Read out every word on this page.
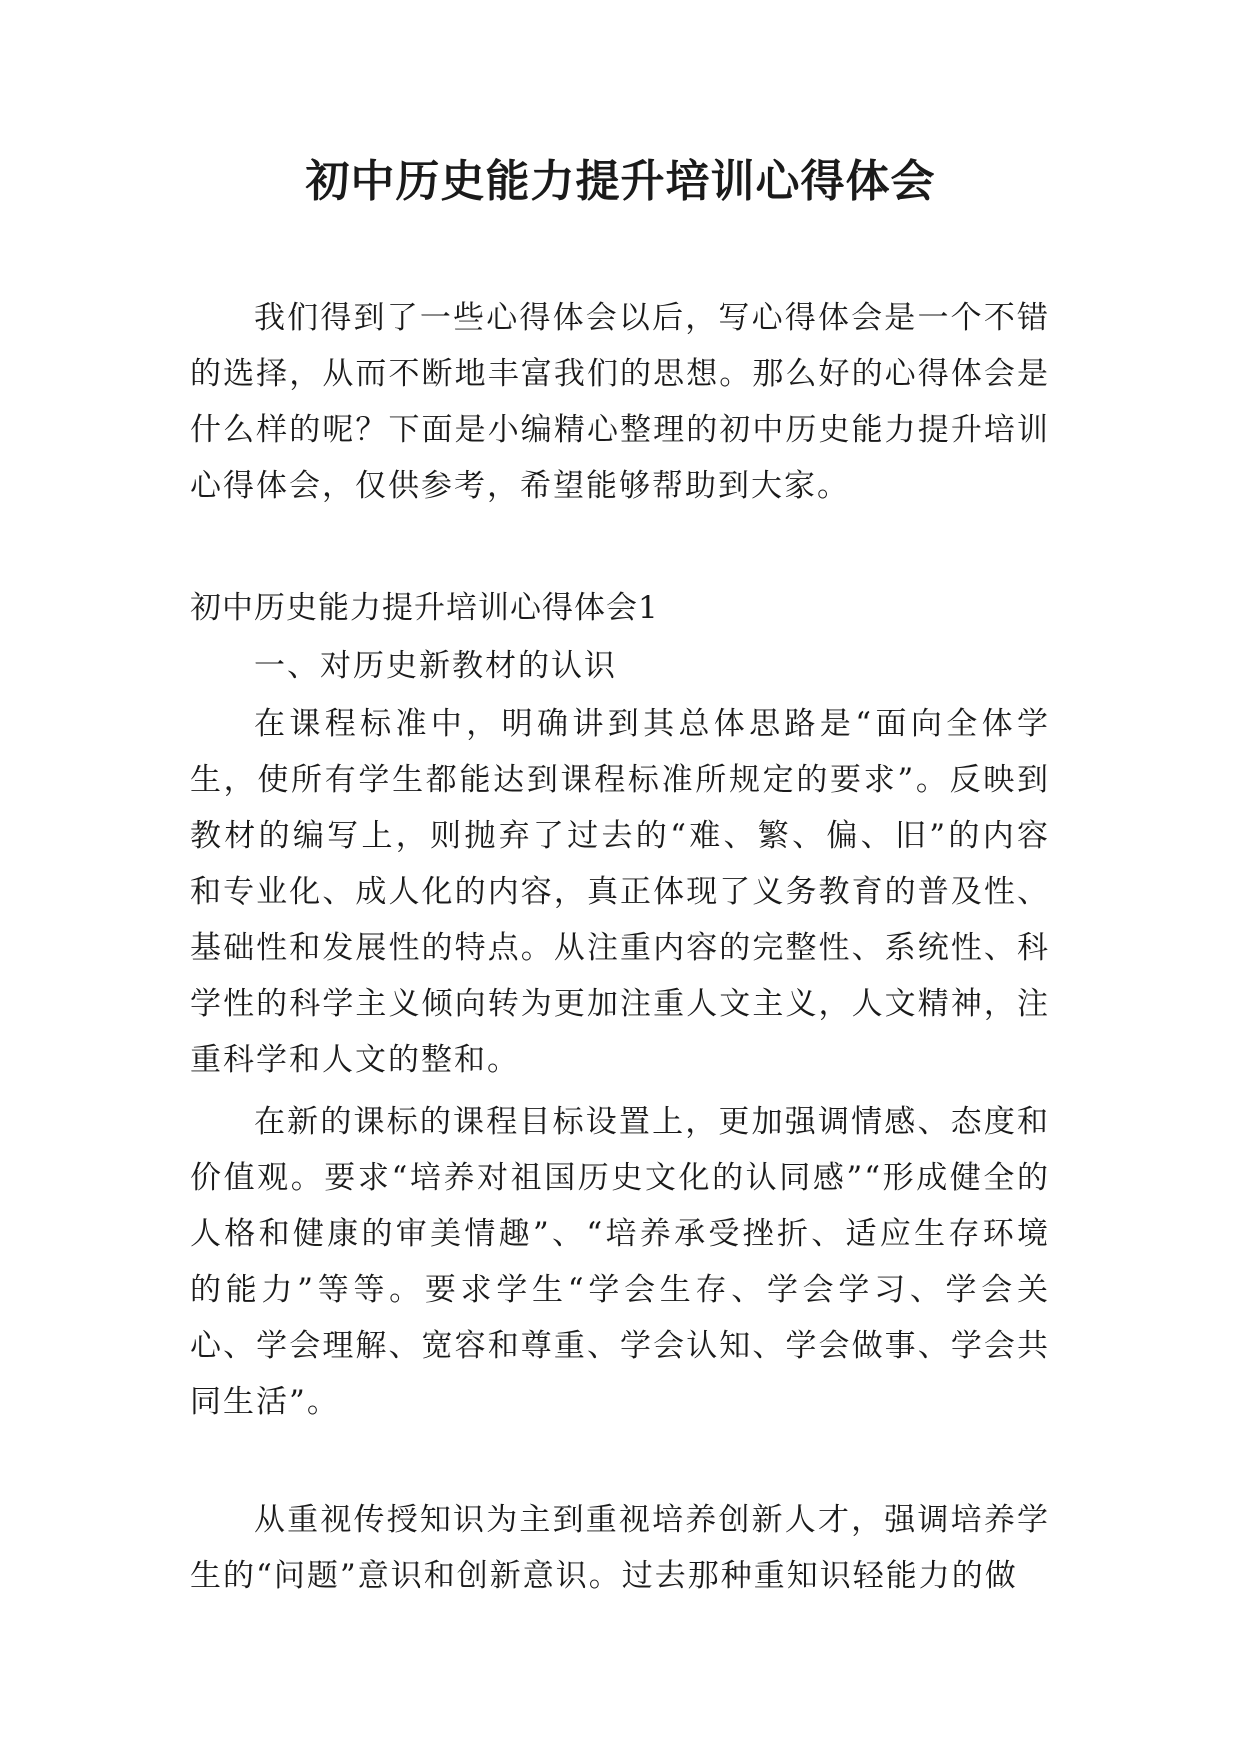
初中历史能力提升培训心得体会

我们得到了一些心得体会以后，写心得体会是一个不错的选择，从而不断地丰富我们的思想。那么好的心得体会是什么样的呢？下面是小编精心整理的初中历史能力提升培训心得体会，仅供参考，希望能够帮助到大家。

初中历史能力提升培训心得体会1

一、对历史新教材的认识

在课程标准中，明确讲到其总体思路是“面向全体学生，使所有学生都能达到课程标准所规定的要求”。反映到教材的编写上，则抛弃了过去的“难、繁、偏、旧”的内容和专业化、成人化的内容，真正体现了义务教育的普及性、基础性和发展性的特点。从注重内容的完整性、系统性、科学性的科学主义倾向转为更加注重人文主义，人文精神，注重科学和人文的整和。

在新的课标的课程目标设置上，更加强调情感、态度和价值观。要求“培养对祖国历史文化的认同感”“形成健全的人格和健康的审美情趣”、“培养承受挫折、适应生存环境的能力”等等。要求学生“学会生存、学会学习、学会关心、学会理解、宽容和尊重、学会认知、学会做事、学会共同生活”。

从重视传授知识为主到重视培养创新人才，强调培养学生的“问题”意识和创新意识。过去那种重知识轻能力的做
